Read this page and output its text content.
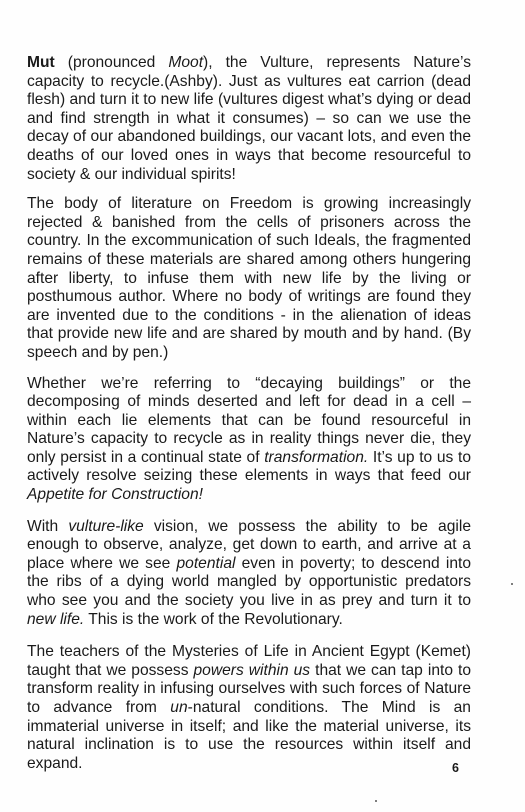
Mut (pronounced Moot), the Vulture, represents Nature’s capacity to recycle.(Ashby). Just as vultures eat carrion (dead flesh) and turn it to new life (vultures digest what’s dying or dead and find strength in what it consumes) – so can we use the decay of our abandoned buildings, our vacant lots, and even the deaths of our loved ones in ways that become resourceful to society & our individual spirits!

The body of literature on Freedom is growing increasingly rejected & banished from the cells of prisoners across the country. In the excommunication of such Ideals, the fragmented remains of these materials are shared among others hungering after liberty, to infuse them with new life by the living or posthumous author. Where no body of writings are found they are invented due to the conditions - in the alienation of ideas that provide new life and are shared by mouth and by hand. (By speech and by pen.)

Whether we’re referring to “decaying buildings” or the decomposing of minds deserted and left for dead in a cell – within each lie elements that can be found resourceful in Nature’s capacity to recycle as in reality things never die, they only persist in a continual state of transformation. It’s up to us to actively resolve seizing these elements in ways that feed our Appetite for Construction!

With vulture-like vision, we possess the ability to be agile enough to observe, analyze, get down to earth, and arrive at a place where we see potential even in poverty; to descend into the ribs of a dying world mangled by opportunistic predators who see you and the society you live in as prey and turn it to new life. This is the work of the Revolutionary.

The teachers of the Mysteries of Life in Ancient Egypt (Kemet) taught that we possess powers within us that we can tap into to transform reality in infusing ourselves with such forces of Nature to advance from un-natural conditions. The Mind is an immaterial universe in itself; and like the material universe, its natural inclination is to use the resources within itself and expand.	6
